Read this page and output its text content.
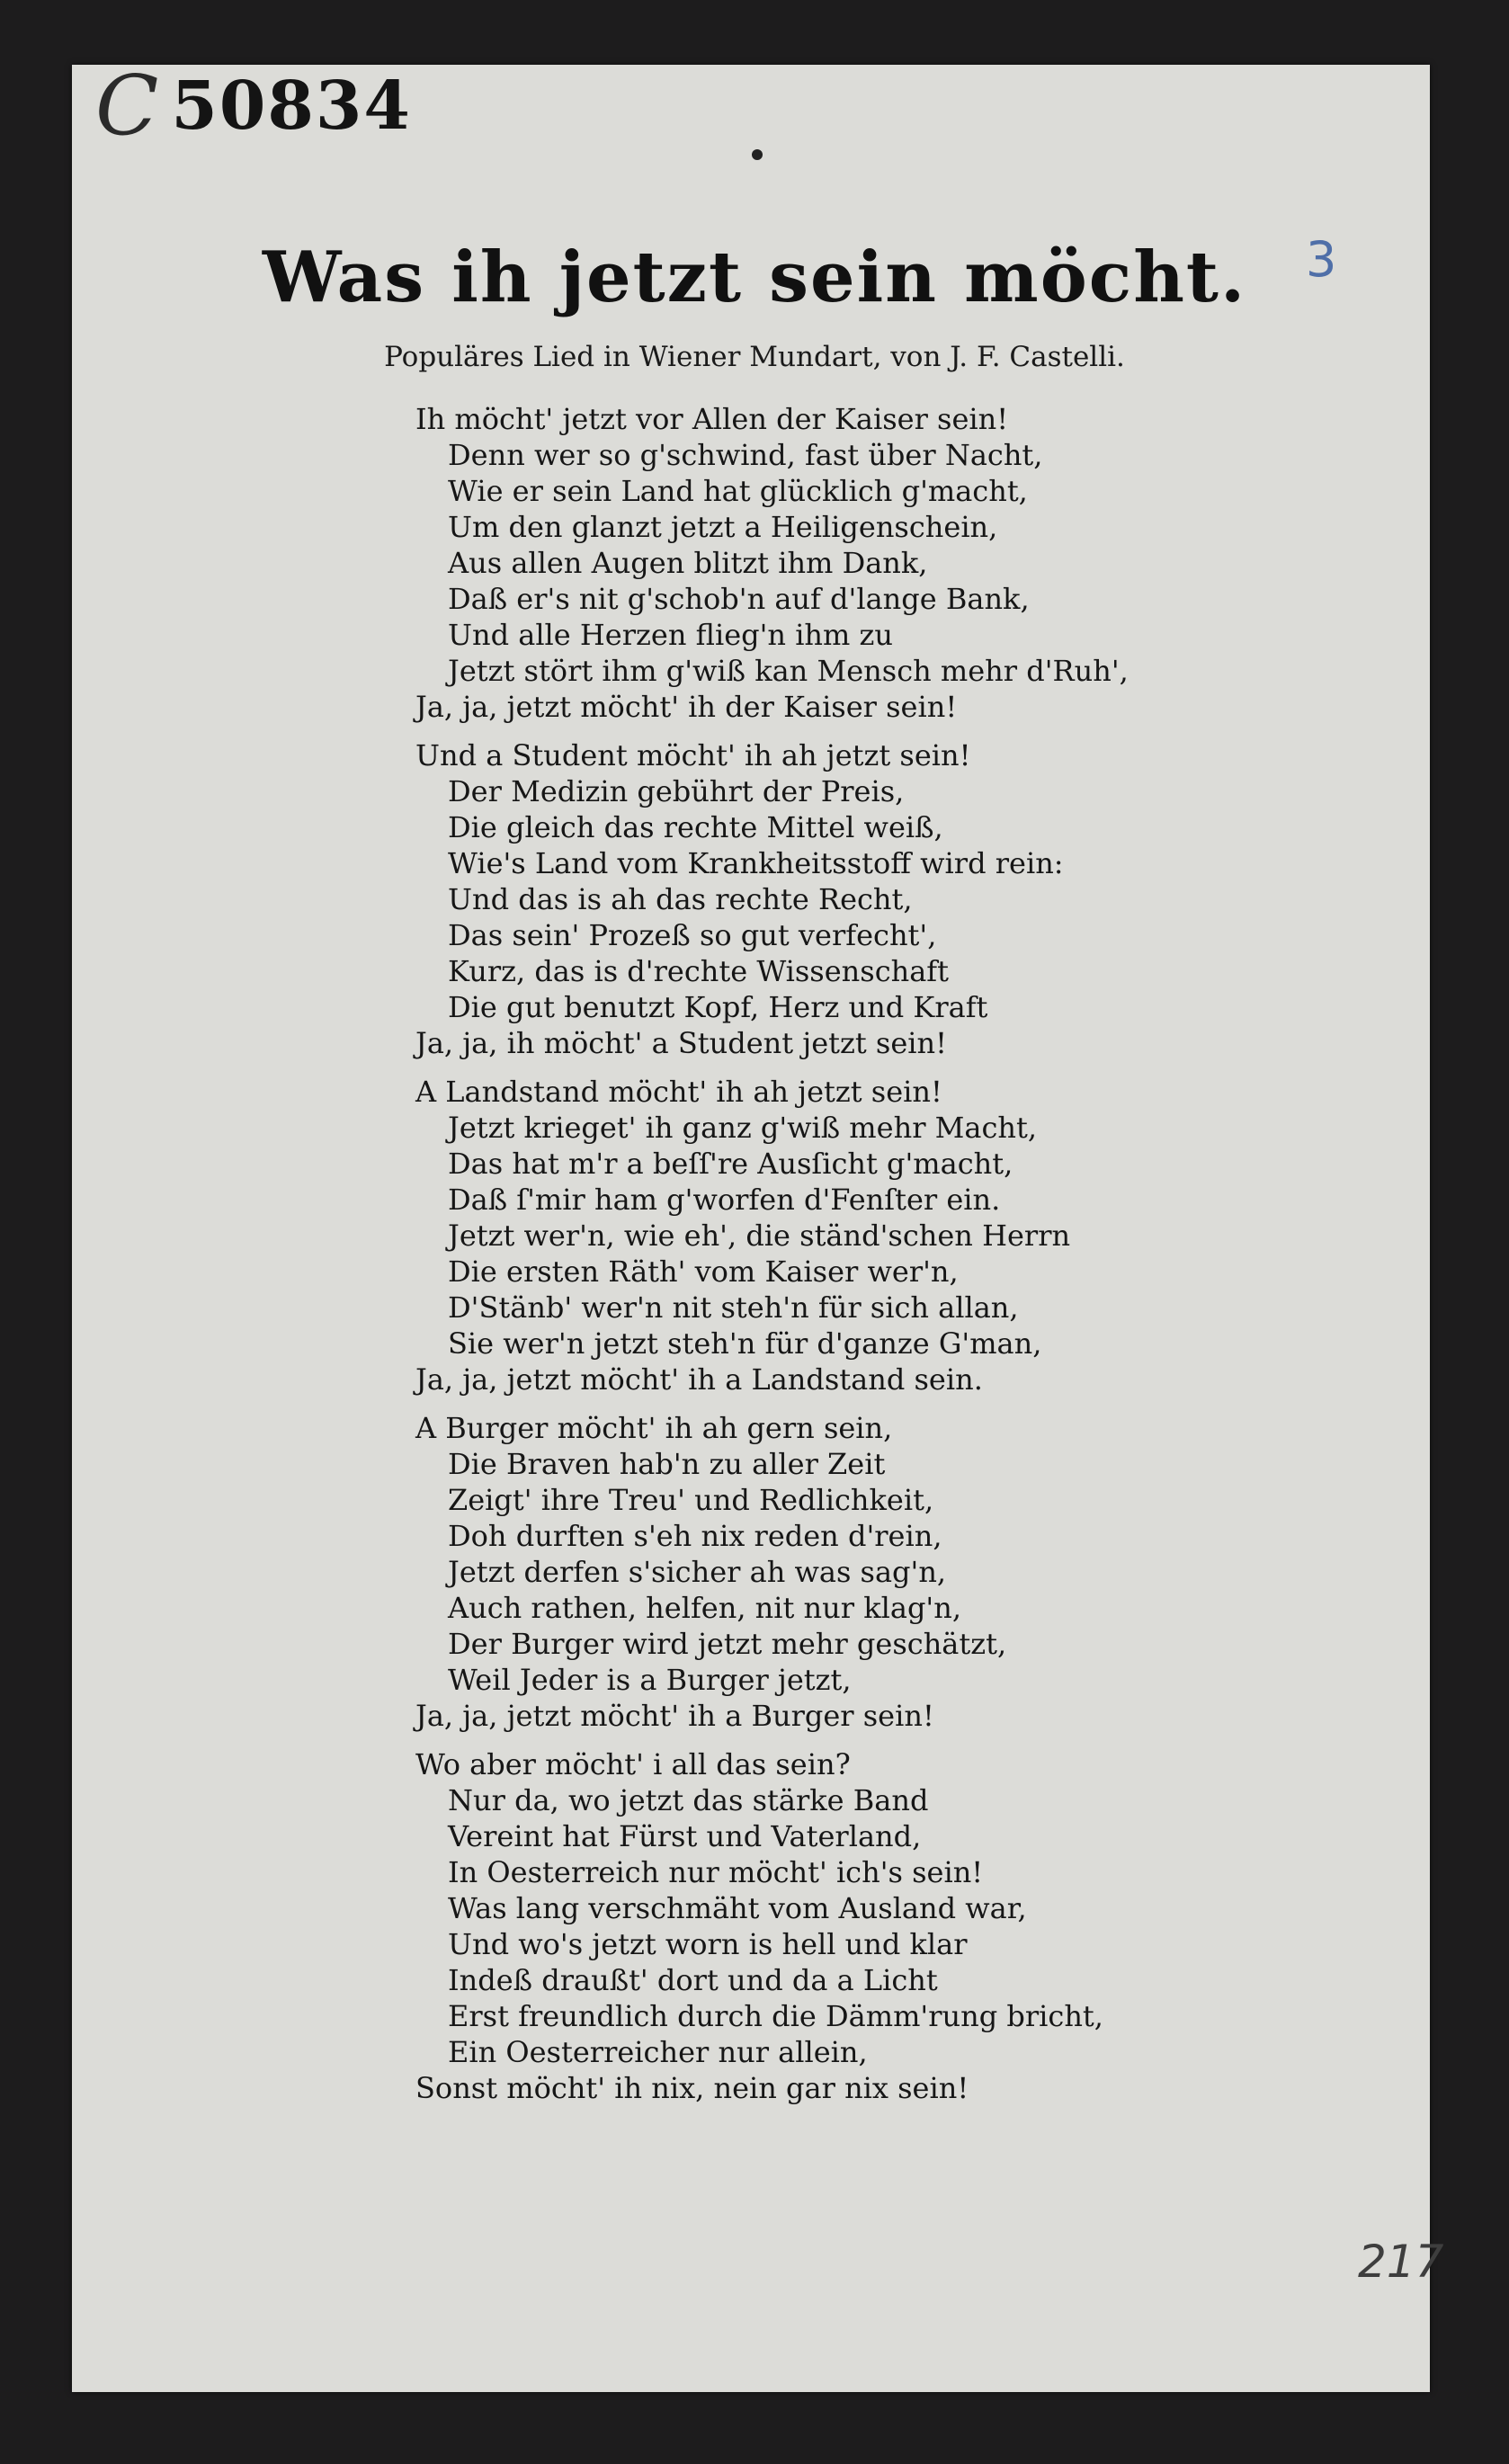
C 50834
3
217
Was ih jetzt sein möcht.
Populäres Lied in Wiener Mundart, von J. F. Castelli.
Ih möcht' jetzt vor Allen der Kaiser sein!
Denn wer so g'schwind, fast über Nacht,
Wie er sein Land hat glücklich g'macht,
Um den glanzt jetzt a Heiligenschein,
Aus allen Augen blitzt ihm Dank,
Daß er's nit g'schob'n auf d'lange Bank,
Und alle Herzen flieg'n ihm zu
Jetzt stört ihm g'wiß kan Mensch mehr d'Ruh',
Ja, ja, jetzt möcht' ih der Kaiser sein!
Und a Student möcht' ih ah jetzt sein!
Der Medizin gebührt der Preis,
Die gleich das rechte Mittel weiß,
Wie's Land vom Krankheitsstoff wird rein:
Und das is ah das rechte Recht,
Das sein' Prozeß so gut verfecht',
Kurz, das is d'rechte Wissenschaft
Die gut benutzt Kopf, Herz und Kraft
Ja, ja, ih möcht' a Student jetzt sein!
A Landstand möcht' ih ah jetzt sein!
Jetzt krieget' ih ganz g'wiß mehr Macht,
Das hat m'r a beſſ're Ausſicht g'macht,
Daß ſ'mir ham g'worfen d'Fenſter ein.
Jetzt wer'n, wie eh', die ständ'schen Herrn
Die ersten Räth' vom Kaiser wer'n,
D'Stänb' wer'n nit steh'n für sich allan,
Sie wer'n jetzt steh'n für d'ganze G'man,
Ja, ja, jetzt möcht' ih a Landstand sein.
A Burger möcht' ih ah gern sein,
Die Braven hab'n zu aller Zeit
Zeigt' ihre Treu' und Redlichkeit,
Doh durften s'eh nix reden d'rein,
Jetzt derfen s'sicher ah was sag'n,
Auch rathen, helfen, nit nur klag'n,
Der Burger wird jetzt mehr geschätzt,
Weil Jeder is a Burger jetzt,
Ja, ja, jetzt möcht' ih a Burger sein!
Wo aber möcht' i all das sein?
Nur da, wo jetzt das stärke Band
Vereint hat Fürst und Vaterland,
In Oesterreich nur möcht' ich's sein!
Was lang verschmäht vom Ausland war,
Und wo's jetzt worn is hell und klar
Indeß draußt' dort und da a Licht
Erst freundlich durch die Dämm'rung bricht,
Ein Oesterreicher nur allein,
Sonst möcht' ih nix, nein gar nix sein!
